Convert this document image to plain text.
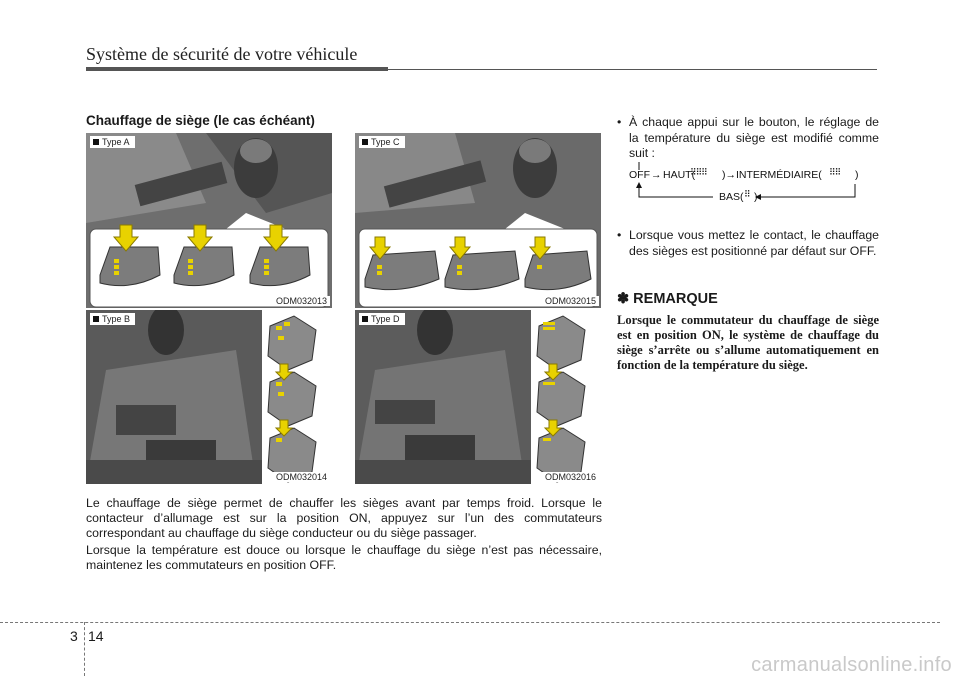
Système de sécurité de votre véhicule
Chauffage de siège (le cas échéant)
Type A
ODM032013
Type C
ODM032015
Type B
ODM032014
Type D
ODM032016
Le chauffage de siège permet de chauffer les sièges avant par temps froid. Lorsque le contacteur d’allumage est sur la position ON, appuyez sur l’un des commutateurs correspondant au chauffage du siège conducteur ou du siège passager.
Lorsque la température est douce ou lorsque le chauffage du siège n’est pas nécessaire, maintenez les commutateurs en position OFF.
• À chaque appui sur le bouton, le réglage de la température du siège est modifié comme suit :
• Lorsque vous mettez le contact, le chauffage des sièges est positionné par défaut sur OFF.
OFF → HAUT(
⠿⠿⠿ )→INTERMÉDIAIRE( ⠿⠿ )
BAS( ⠿ )
✽ REMARQUE
Lorsque le commutateur du chauffage de siège est en position ON, le système de chauffage du siège s’arrête ou s’allume automatiquement en fonction de la température du siège.
3 14
carmanualsonline.info
